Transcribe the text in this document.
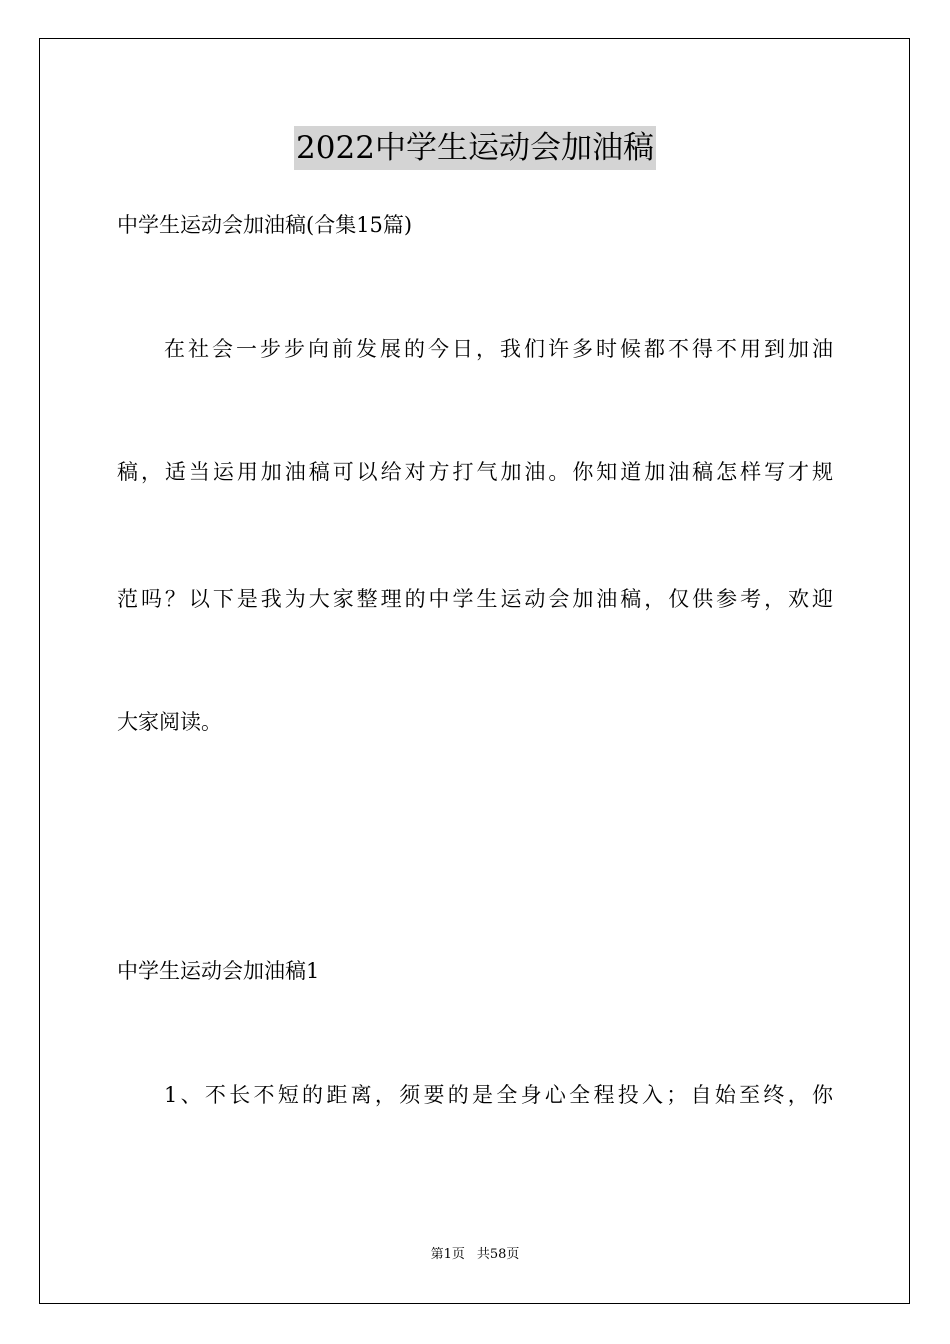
2022中学生运动会加油稿
中学生运动会加油稿(合集15篇)
在社会一步步向前发展的今日，我们许多时候都不得不用到加油
稿，适当运用加油稿可以给对方打气加油。你知道加油稿怎样写才规
范吗？以下是我为大家整理的中学生运动会加油稿，仅供参考，欢迎
大家阅读。
中学生运动会加油稿1
1、不长不短的距离，须要的是全身心全程投入；自始至终，你
第1页 共58页
